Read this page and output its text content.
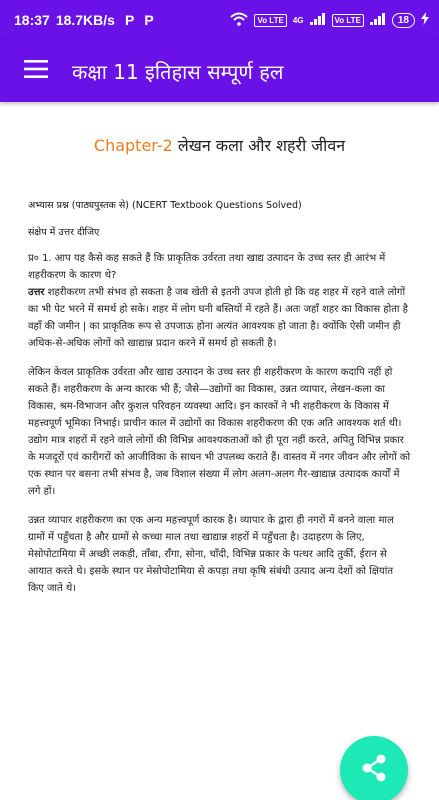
18:37 18.7KB/s P P	Vo LTE	4G	Vo LTE	18
कक्षा 11 इतिहास सम्पूर्ण हल
Chapter-2 लेखन कला और शहरी जीवन
अभ्यास प्रश्न (पाठ्यपुस्तक से) (NCERT Textbook Questions Solved)
संक्षेप में उत्तर दीजिए

प्र० 1. आप यह कैसे कह सकते हैं कि प्राकृतिक उर्वरता तथा खाद्य उत्पादन के उच्च स्तर ही आरंभ में शहरीकरण के कारण थे?

उत्तर शहरीकरण तभी संभव हो सकता है जब खेती से इतनी उपज होती हो कि वह शहर में रहने वाले लोगों का भी पेट भरने में समर्थ हो सके। शहर में लोग घनी बस्तियों में रहते हैं। अतः जहाँ शहर का विकास होता है वहाँ की जमीन | का प्राकृतिक रूप से उपजाऊ होना अत्यंत आवश्यक हो जाता है। क्योंकि ऐसी जमीन ही अधिक-से-अधिक लोगों को खाद्यान्न प्रदान करने में समर्थ हो सकती है।

लेकिन केवल प्राकृतिक उर्वरता और खाद्य उत्पादन के उच्च स्तर ही शहरीकरण के कारण कदापि नहीं हो सकते हैं। शहरीकरण के अन्य कारक भी हैं; जैसे—उद्योगों का विकास, उन्नत व्यापार, लेखन-कला का विकास, श्रम-विभाजन और कुशल परिवहन व्यवस्था आदि। इन कारकों ने भी शहरीकरण के विकास में महत्त्वपूर्ण भूमिका निभाई। प्राचीन काल में उद्योगों का विकास शहरीकरण की एक अति आवश्यक शर्त थी। उद्योग मात्र शहरों में रहने वाले लोगों की विभिन्न आवश्यकताओं को ही पूरा नहीं करते, अपितु विभिन्न प्रकार के मजदूरों एवं कारीगरों को आजीविका के साधन भी उपलब्ध कराते हैं। वास्तव में नगर जीवन और लोगों को एक स्थान पर बसना तभी संभव है, जब विशाल संख्या में लोग अलग-अलग गैर-खाद्यान्न उत्पादक कार्यों में लगे हों।

उन्नत व्यापार शहरीकरण का एक अन्य महत्त्वपूर्ण कारक है। व्यापार के द्वारा ही नगरों में बनने वाला माल ग्रामों में पहुँचता है और ग्रामों से कच्चा माल तथा खाद्यान्न शहरों में पहुँचता है। उदाहरण के लिए, मेसोपोटामिया में अच्छी लकड़ी, ताँबा, राँगा, सोना, चाँदी, विभिन्न प्रकार के पत्थर आदि तुर्की, ईरान से आयात करते थे। इसके स्थान पर मेसोपोटामिया से कपड़ा तथा कृषि संबंधी उत्पाद अन्य देशों को क्षियांत किए जाते थे।
